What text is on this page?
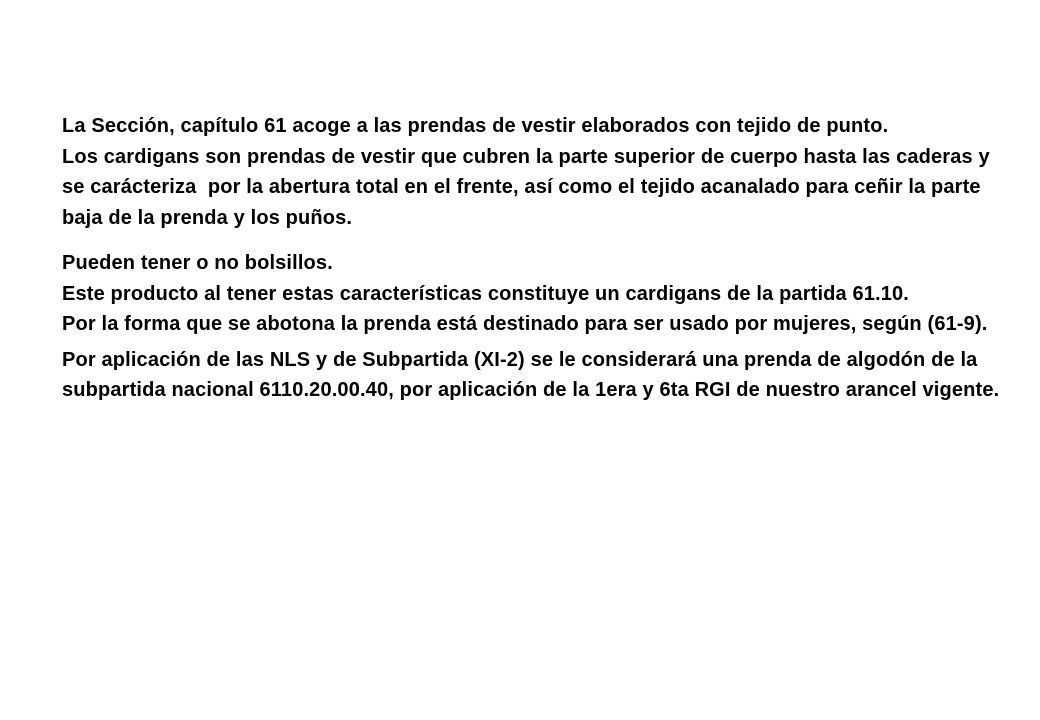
La Sección, capítulo 61 acoge a las prendas de vestir elaborados con tejido de punto.

Los cardigans son prendas de vestir que cubren la parte superior de cuerpo hasta las caderas y se carácteriza  por la abertura total en el frente, así como el tejido acanalado para ceñir la parte baja de la prenda y los puños.

Pueden tener o no bolsillos.

Este producto al tener estas características constituye un cardigans de la partida 61.10.

Por la forma que se abotona la prenda está destinado para ser usado por mujeres, según (61-9).

Por aplicación de las NLS y de Subpartida (XI-2) se le considerará una prenda de algodón de la subpartida nacional 6110.20.00.40, por aplicación de la 1era y 6ta RGI de nuestro arancel vigente.
